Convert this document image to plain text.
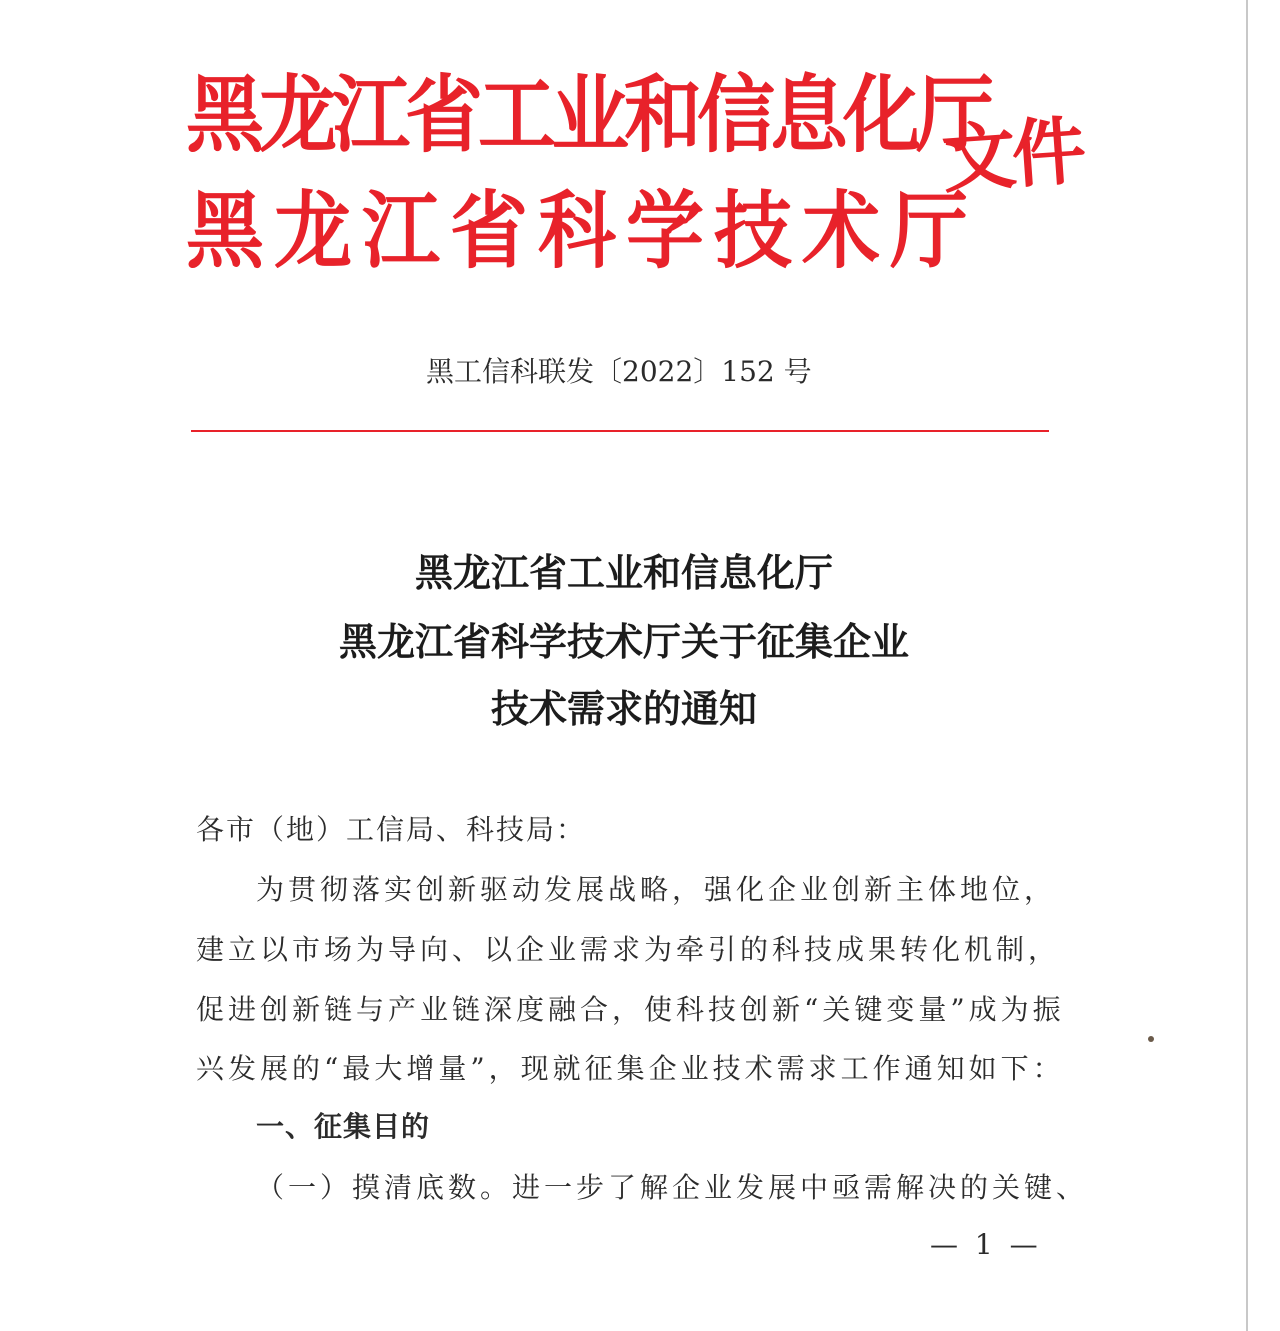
黑龙江省工业和信息化厅
黑龙江省科学技术厅
文件
黑工信科联发〔2022〕152 号
黑龙江省工业和信息化厅
黑龙江省科学技术厅关于征集企业
技术需求的通知
各市（地）工信局、科技局：
为贯彻落实创新驱动发展战略，强化企业创新主体地位，
建立以市场为导向、以企业需求为牵引的科技成果转化机制，
促进创新链与产业链深度融合，使科技创新“关键变量”成为振
兴发展的“最大增量”，现就征集企业技术需求工作通知如下：
一、征集目的
（一）摸清底数。进一步了解企业发展中亟需解决的关键、
— 1 —
